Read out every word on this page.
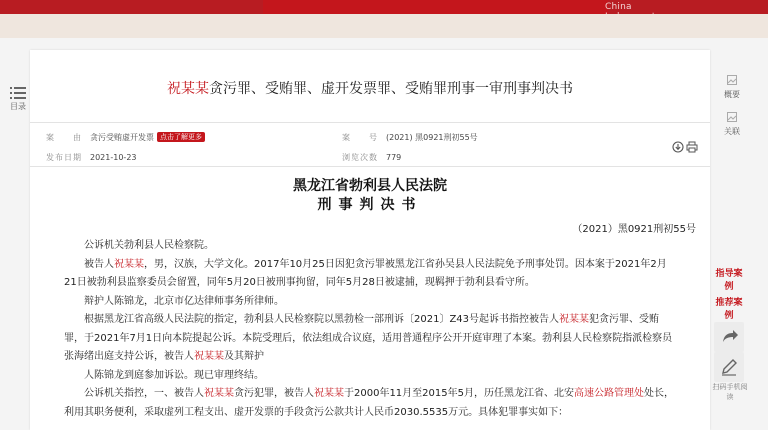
China
目录
祝某某贪污罪、受贿罪、虚开发票罪、受贿罪刑事一审刑事判决书
案　　由 贪污受贿虚开发票 点击了解更多	案　　号 (2021) 黑0921刑初55号
发布日期 2021-10-23	浏览次数 779
黑龙江省勃利县人民法院
刑事判决书
（2021）黑0921刑初55号

　　公诉机关勃利县人民检察院。

　　被告人祝某某，男，汉族，大学文化。2017年10月25日因犯贪污罪被黑龙江省孙吴县人民法院免予刑事处罚。因本案于2021年2月21日被勃利县监察委员会留置，同年5月20日被刑事拘留，同年5月28日被逮捕，现羁押于勃利县看守所。

　　辩护人陈锦龙，北京市亿达律师事务所律师。

　　根据黑龙江省高级人民法院的指定，勃利县人民检察院以黑勃检一部刑诉〔2021〕Z43号起诉书指控被告人祝某某犯贪污罪、受贿罪，于2021年7月1日向本院提起公诉。本院受理后，依法组成合议庭，适用普通程序公开开庭审理了本案。勃利县人民检察院指派检察员张海绪出庭支持公诉，被告人祝某某及其辩护

　　人陈锦龙到庭参加诉讼。现已审理终结。

　　公诉机关指控，一、被告人祝某某贪污犯罪，被告人祝某某于2000年11月至2015年5月，历任黑龙江省、北安高速公路管理处处长，利用其职务便利，采取虚列工程支出、虚开发票的手段贪污公款共计人民币2030.5535万元。具体犯罪事实如下：

概要
关联
指导案例
推荐案例
扫码手机阅读
